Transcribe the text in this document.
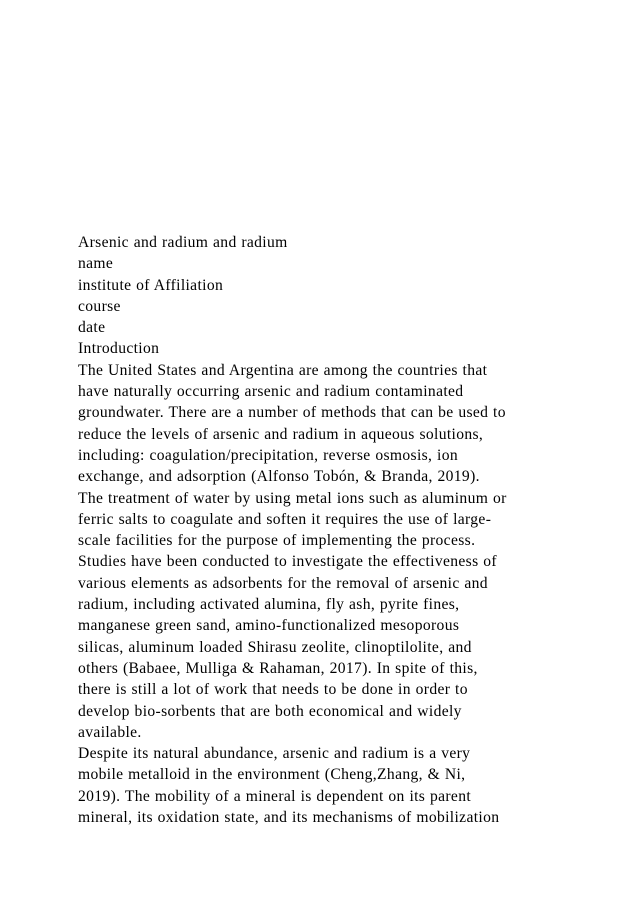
Arsenic and radium and radium
name
institute of Affiliation
course
date
Introduction
The United States and Argentina are among the countries that
have naturally occurring arsenic and radium contaminated
groundwater. There are a number of methods that can be used to
reduce the levels of arsenic and radium in aqueous solutions,
including: coagulation/precipitation, reverse osmosis, ion
exchange, and adsorption (Alfonso Tobón, & Branda, 2019).
The treatment of water by using metal ions such as aluminum or
ferric salts to coagulate and soften it requires the use of large-
scale facilities for the purpose of implementing the process.
Studies have been conducted to investigate the effectiveness of
various elements as adsorbents for the removal of arsenic and
radium, including activated alumina, fly ash, pyrite fines,
manganese green sand, amino-functionalized mesoporous
silicas, aluminum loaded Shirasu zeolite, clinoptilolite, and
others (Babaee, Mulliga & Rahaman, 2017). In spite of this,
there is still a lot of work that needs to be done in order to
develop bio-sorbents that are both economical and widely
available.
Despite its natural abundance, arsenic and radium is a very
mobile metalloid in the environment (Cheng,Zhang, & Ni,
2019). The mobility of a mineral is dependent on its parent
mineral, its oxidation state, and its mechanisms of mobilization
